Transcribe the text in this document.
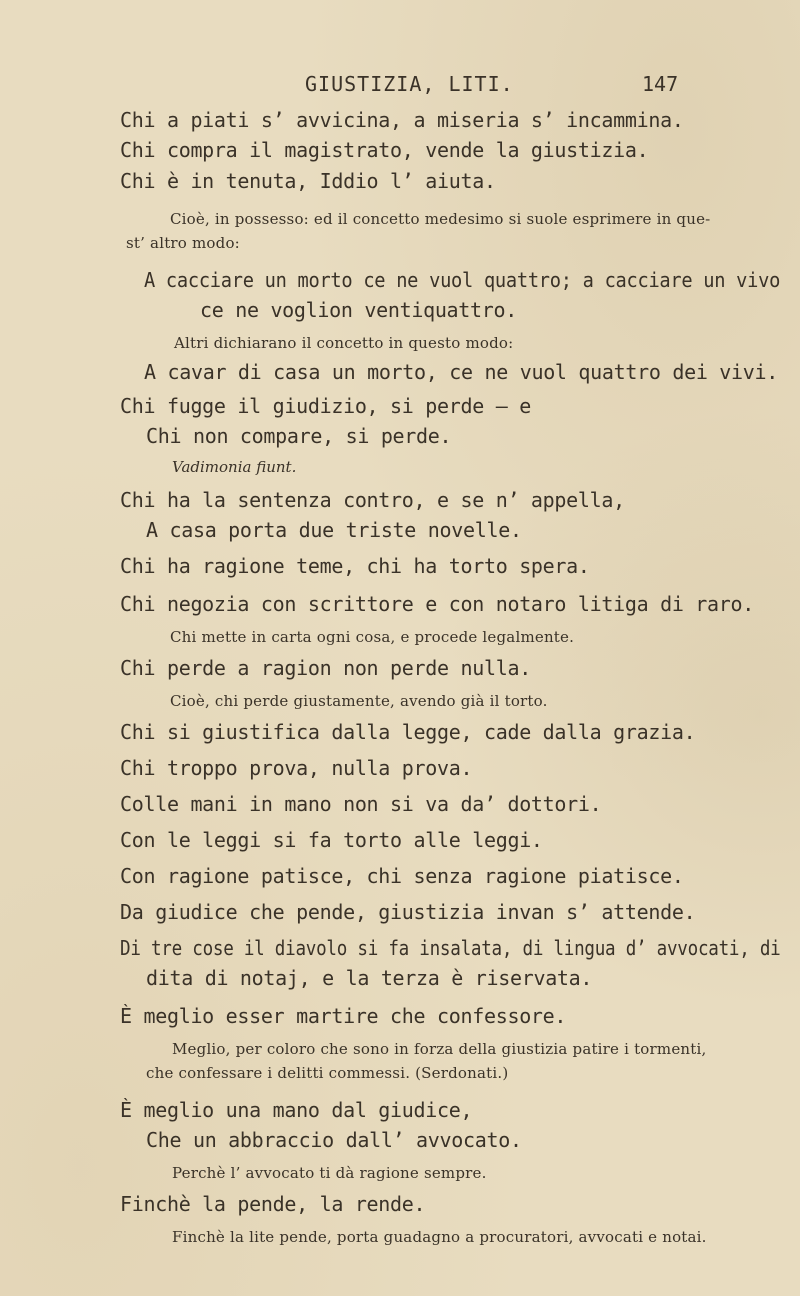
GIUSTIZIA, LITI.	147
Chi a piati s’ avvicina, a miseria s’ incammina.
Chi compra il magistrato, vende la giustizia.
Chi è in tenuta, Iddio l’ aiuta.
Cioè, in possesso: ed il concetto medesimo si suole esprimere in que-
st’ altro modo:
A cacciare un morto ce ne vuol quattro; a cacciare un vivo
ce ne voglion ventiquattro.
Altri dichiarano il concetto in questo modo:
A cavar di casa un morto, ce ne vuol quattro dei vivi.
Chi fugge il giudizio, si perde — e
Chi non compare, si perde.
Vadimonia fiunt.
Chi ha la sentenza contro, e se n’ appella,
A casa porta due triste novelle.
Chi ha ragione teme, chi ha torto spera.
Chi negozia con scrittore e con notaro litiga di raro.
Chi mette in carta ogni cosa, e procede legalmente.
Chi perde a ragion non perde nulla.
Cioè, chi perde giustamente, avendo già il torto.
Chi si giustifica dalla legge, cade dalla grazia.
Chi troppo prova, nulla prova.
Colle mani in mano non si va da’ dottori.
Con le leggi si fa torto alle leggi.
Con ragione patisce, chi senza ragione piatisce.
Da giudice che pende, giustizia invan s’ attende.
Di tre cose il diavolo si fa insalata, di lingua d’ avvocati, di
dita di notaj, e la terza è riservata.
È meglio esser martire che confessore.
Meglio, per coloro che sono in forza della giustizia patire i tormenti,
che confessare i delitti commessi. (Serdonati.)
È meglio una mano dal giudice,
Che un abbraccio dall’ avvocato.
Perchè l’ avvocato ti dà ragione sempre.
Finchè la pende, la rende.
Finchè la lite pende, porta guadagno a procuratori, avvocati e notai.
